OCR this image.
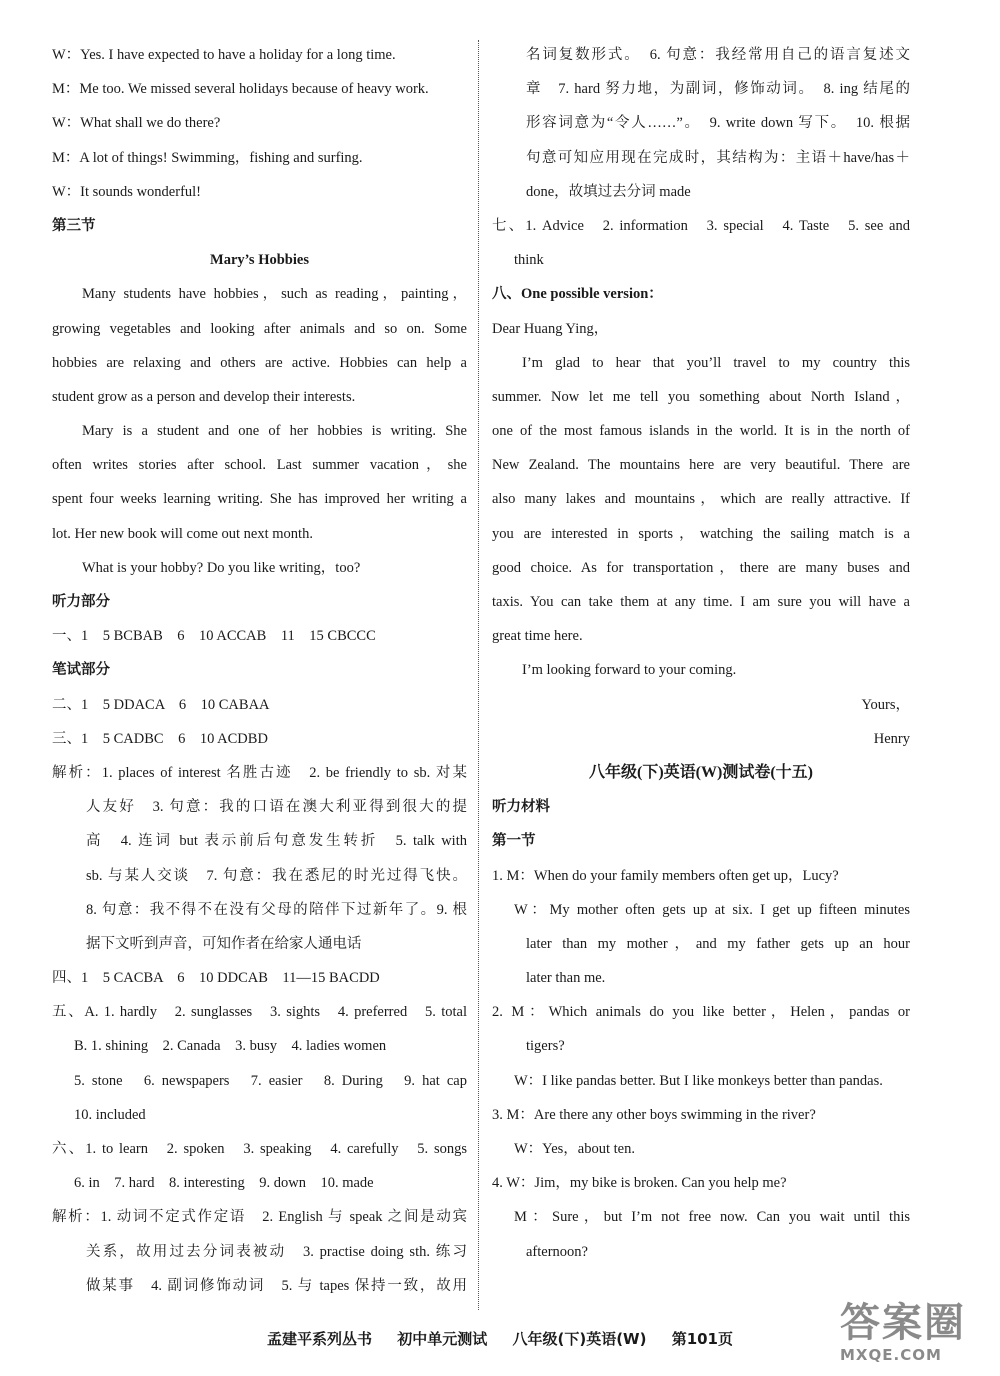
W：Yes. I have expected to have a holiday for a long time.
M：Me too. We missed several holidays because of heavy work.
W：What shall we do there?
M：A lot of things! Swimming，fishing and surfing.
W：It sounds wonderful!
第三节
Mary’s Hobbies
Many students have hobbies，such as reading，painting，
growing vegetables and looking after animals and so on. Some
hobbies are relaxing and others are active. Hobbies can help a
student grow as a person and develop their interests.
Mary is a student and one of her hobbies is writing. She
often writes stories after school. Last summer vacation，she
spent four weeks learning writing. She has improved her writing a
lot. Her new book will come out next month.
What is your hobby? Do you like writing，too?
听力部分
一、1　5 BCBAB　6　10 ACCAB　11　15 CBCCC
笔试部分
二、1　5 DDACA　6　10 CABAA
三、1　5 CADBC　6　10 ACDBD
解析：1. places of interest 名胜古迹　2. be friendly to sb. 对某
人友好　3. 句意：我的口语在澳大利亚得到很大的提
高　4. 连词 but 表示前后句意发生转折　5. talk with
sb. 与某人交谈　7. 句意：我在悉尼的时光过得飞快。
8. 句意：我不得不在没有父母的陪伴下过新年了。9. 根
据下文听到声音，可知作者在给家人通电话
四、1　5 CACBA　6　10 DDCAB　11—15 BACDD
五、A. 1. hardly　2. sunglasses　3. sights　4. preferred　5. total
B. 1. shining　2. Canada　3. busy　4. ladies women
5. stone　6. newspapers　7. easier　8. During　9. hat cap
10. included
六、1. to learn　2. spoken　3. speaking　4. carefully　5. songs
6. in　7. hard　8. interesting　9. down　10. made
解析：1. 动词不定式作定语　2. English 与 speak 之间是动宾
关系，故用过去分词表被动　3. practise doing sth. 练习
做某事　4. 副词修饰动词　5. 与 tapes 保持一致，故用
名词复数形式。　6. 句意：我经常用自己的语言复述文
章　7. hard 努力地，为副词，修饰动词。　8. ing 结尾的
形容词意为“令人……”。　9. write down 写下。　10. 根据
句意可知应用现在完成时，其结构为：主语＋have/has＋
done，故填过去分词 made
七、1. Advice　2. information　3. special　4. Taste　5. see and
think
八、One possible version：
Dear Huang Ying，
I’m glad to hear that you’ll travel to my country this
summer. Now let me tell you something about North Island，
one of the most famous islands in the world. It is in the north of
New Zealand. The mountains here are very beautiful. There are
also many lakes and mountains，which are really attractive. If
you are interested in sports，watching the sailing match is a
good choice. As for transportation，there are many buses and
taxis. You can take them at any time. I am sure you will have a
great time here.
I’m looking forward to your coming.
Yours，
Henry
八年级(下)英语(W)测试卷(十五)
听力材料
第一节
1. M：When do your family members often get up，Lucy?
W：My mother often gets up at six. I get up fifteen minutes
later than my mother，and my father gets up an hour
later than me.
2. M：Which animals do you like better，Helen，pandas or
tigers?
W：I like pandas better. But I like monkeys better than pandas.
3. M：Are there any other boys swimming in the river?
W：Yes，about ten.
4. W：Jim，my bike is broken. Can you help me?
M：Sure，but I’m not free now. Can you wait until this
afternoon?
孟建平系列丛书 初中单元测试 八年级(下)英语(W) 第101页	答案圈
MXQE.COM
